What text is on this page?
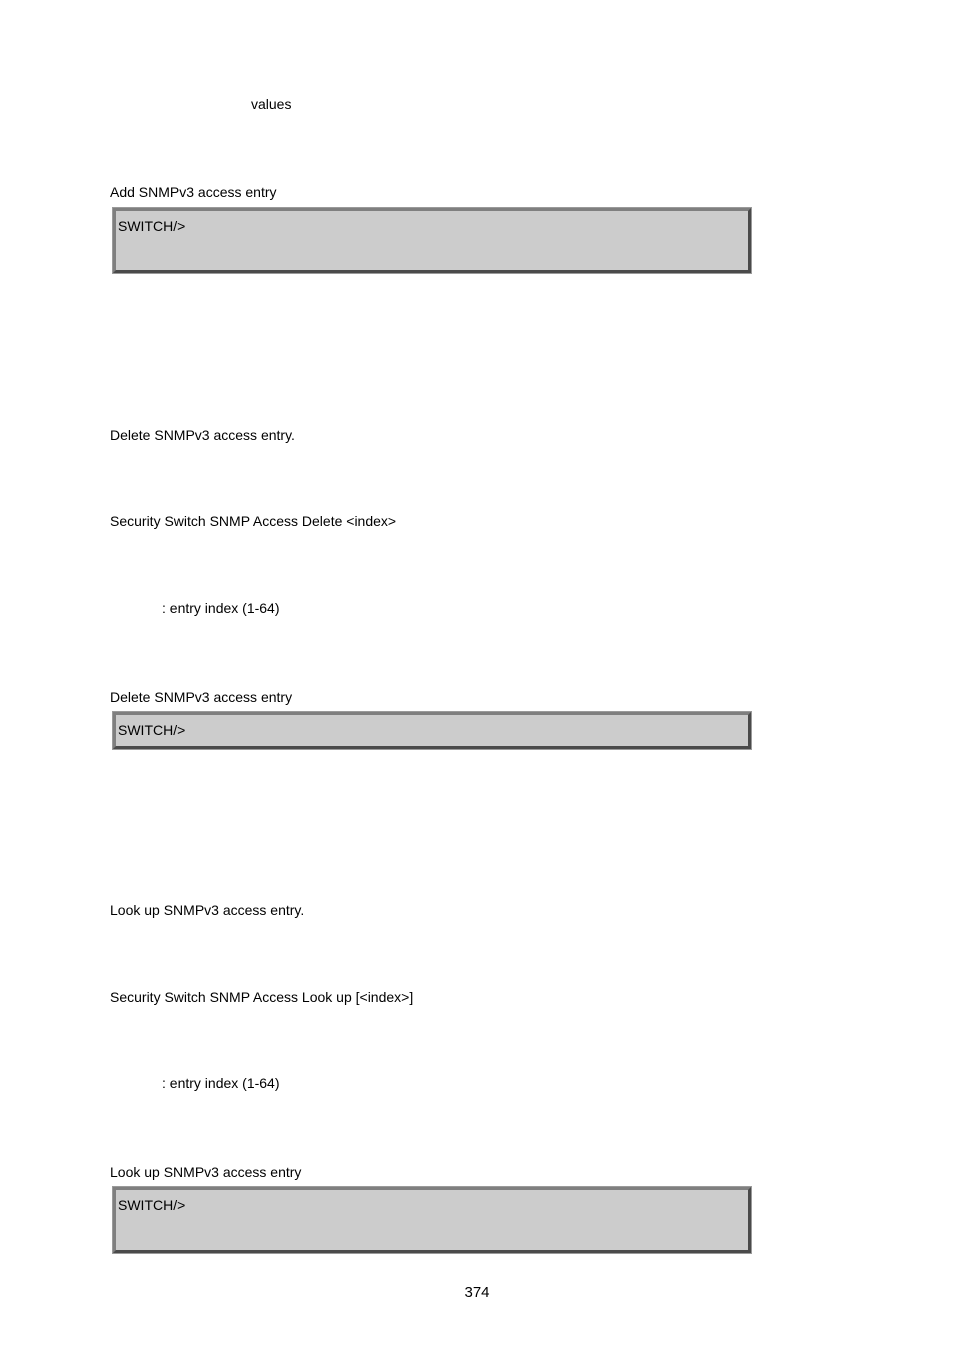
values
Add SNMPv3 access entry
SWITCH/>
Delete SNMPv3 access entry.
Security Switch SNMP Access Delete <index>
: entry index (1-64)
Delete SNMPv3 access entry
SWITCH/>
Look up SNMPv3 access entry.
Security Switch SNMP Access Look up [<index>]
: entry index (1-64)
Look up SNMPv3 access entry
SWITCH/>
374
